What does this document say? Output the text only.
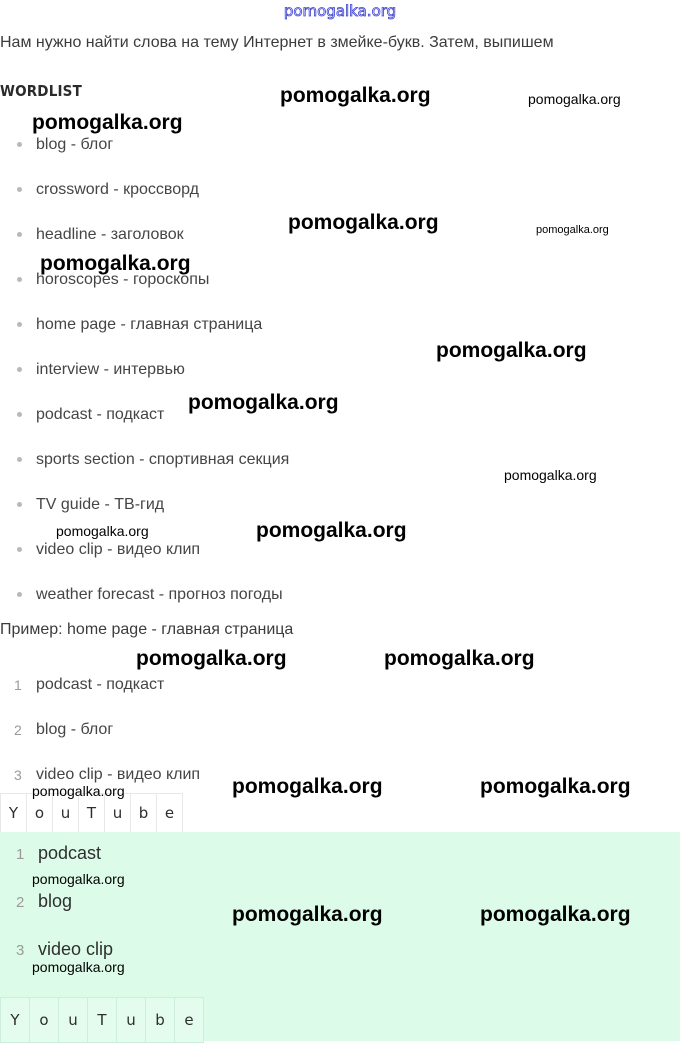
pomogalka.org
Нам нужно найти слова на тему Интернет в змейке-букв. Затем, выпишем

WORDLIST
blog - блог
crossword - кроссворд
headline - заголовок
horoscopes - гороскопы
home page - главная страница
interview - интервью
podcast - подкаст
sports section - спортивная секция
TV guide - ТВ-гид
video clip - видео клип
weather forecast - прогноз погоды
Пример: home page - главная страница
1 podcast - подкаст
2 blog - блог
3 video clip - видео клип
Y	o	u	T	u	b	e
1 podcast
2 blog
3 video clip
Y	o	u	T	u	b	e
pomogalka.org	pomogalka.org
pomogalka.org
pomogalka.org	pomogalka.org
pomogalka.org
pomogalka.org
pomogalka.org
pomogalka.org
pomogalka.org	pomogalka.org
pomogalka.org	pomogalka.org
pomogalka.org	pomogalka.org	pomogalka.org
pomogalka.org
pomogalka.org	pomogalka.org
pomogalka.org
